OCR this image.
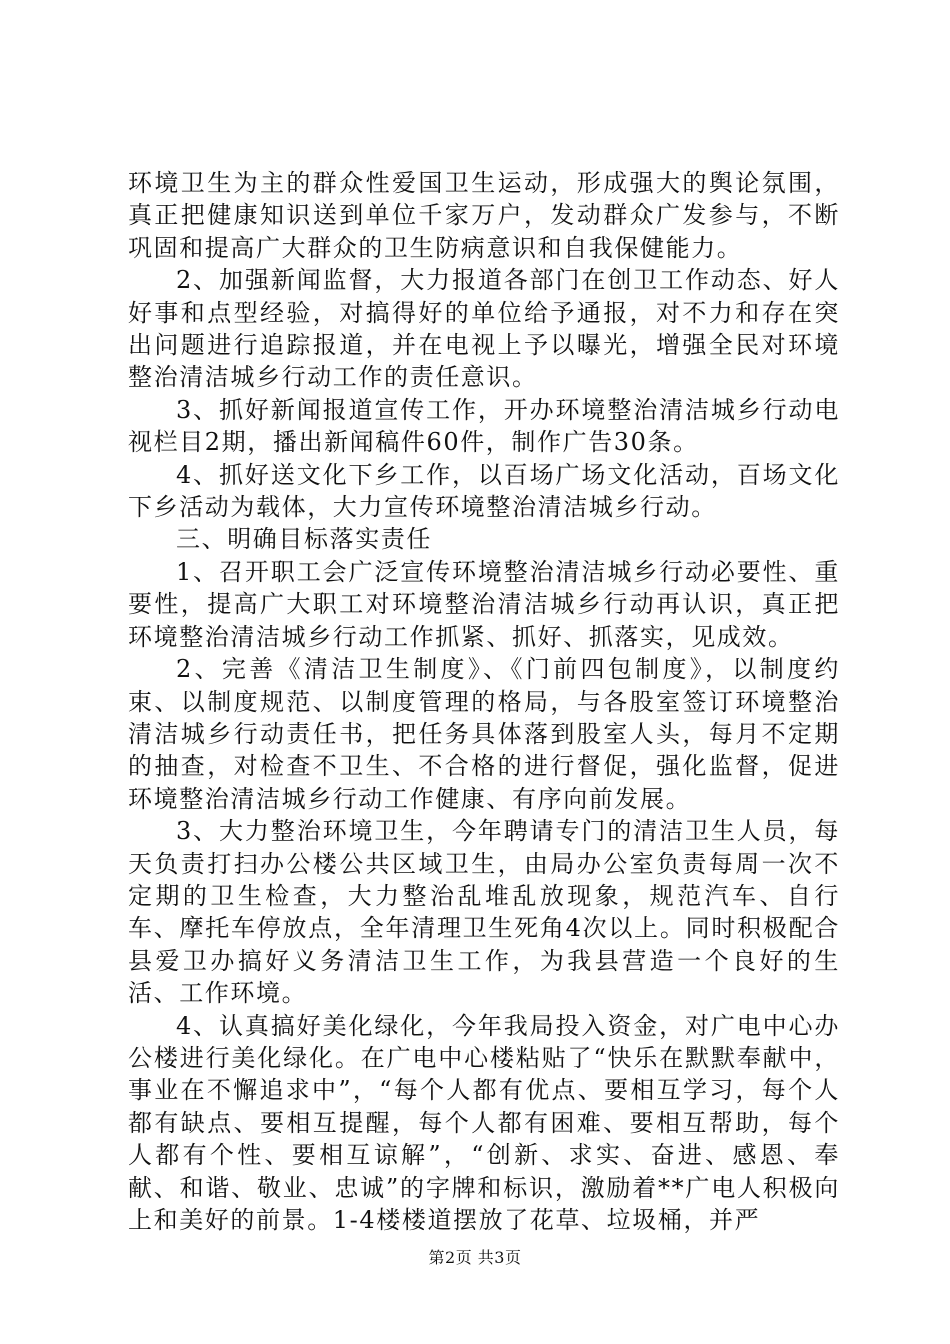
环境卫生为主的群众性爱国卫生运动，形成强大的舆论氛围，真正把健康知识送到单位千家万户，发动群众广发参与，不断巩固和提高广大群众的卫生防病意识和自我保健能力。

2、加强新闻监督，大力报道各部门在创卫工作动态、好人好事和点型经验，对搞得好的单位给予通报，对不力和存在突出问题进行追踪报道，并在电视上予以曝光，增强全民对环境整治清洁城乡行动工作的责任意识。

3、抓好新闻报道宣传工作，开办环境整治清洁城乡行动电视栏目2期，播出新闻稿件60件，制作广告30条。

4、抓好送文化下乡工作，以百场广场文化活动，百场文化下乡活动为载体，大力宣传环境整治清洁城乡行动。

三、明确目标落实责任

1、召开职工会广泛宣传环境整治清洁城乡行动必要性、重要性，提高广大职工对环境整治清洁城乡行动再认识，真正把环境整治清洁城乡行动工作抓紧、抓好、抓落实，见成效。

2、完善《清洁卫生制度》、《门前四包制度》，以制度约束、以制度规范、以制度管理的格局，与各股室签订环境整治清洁城乡行动责任书，把任务具体落到股室人头，每月不定期的抽查，对检查不卫生、不合格的进行督促，强化监督，促进环境整治清洁城乡行动工作健康、有序向前发展。

3、大力整治环境卫生，今年聘请专门的清洁卫生人员，每天负责打扫办公楼公共区域卫生，由局办公室负责每周一次不定期的卫生检查，大力整治乱堆乱放现象，规范汽车、自行车、摩托车停放点，全年清理卫生死角4次以上。同时积极配合县爱卫办搞好义务清洁卫生工作，为我县营造一个良好的生活、工作环境。

4、认真搞好美化绿化，今年我局投入资金，对广电中心办公楼进行美化绿化。在广电中心楼粘贴了“快乐在默默奉献中，事业在不懈追求中”，“每个人都有优点、要相互学习，每个人都有缺点、要相互提醒，每个人都有困难、要相互帮助，每个人都有个性、要相互谅解”，“创新、求实、奋进、感恩、奉献、和谐、敬业、忠诚”的字牌和标识，激励着**广电人积极向上和美好的前景。1-4楼楼道摆放了花草、垃圾桶，并严

第2页 共3页
